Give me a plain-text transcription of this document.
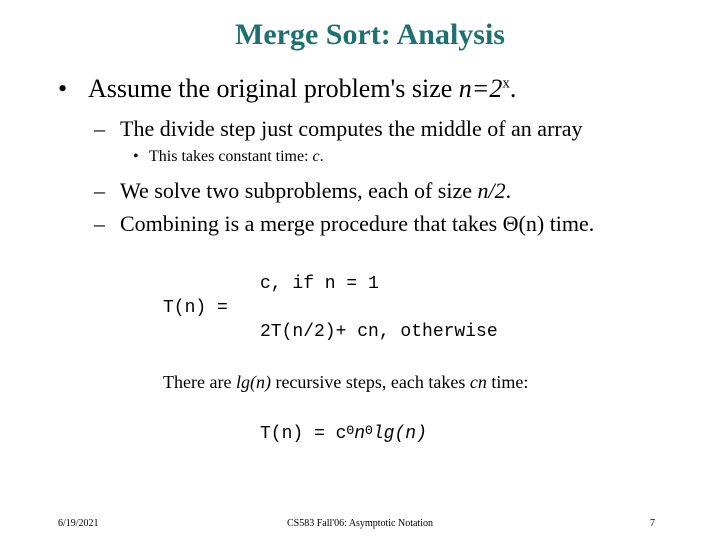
Merge Sort: Analysis
• Assume the original problem's size $n=2^x$.
– The divide step just computes the middle of an array
• This takes constant time: c.
– We solve two subproblems, each of size n/2.
– Combining is a merge procedure that takes Θ(n) time.
c, if n = 1
T(n) =
2T(n/2)+ cn, otherwise
There are lg(n) recursive steps, each takes cn time:
$T(n) = c^\Theta n^\Theta\lg(n)$
6/19/2021	CS583 Fall'06: Asymptotic Notation	7
